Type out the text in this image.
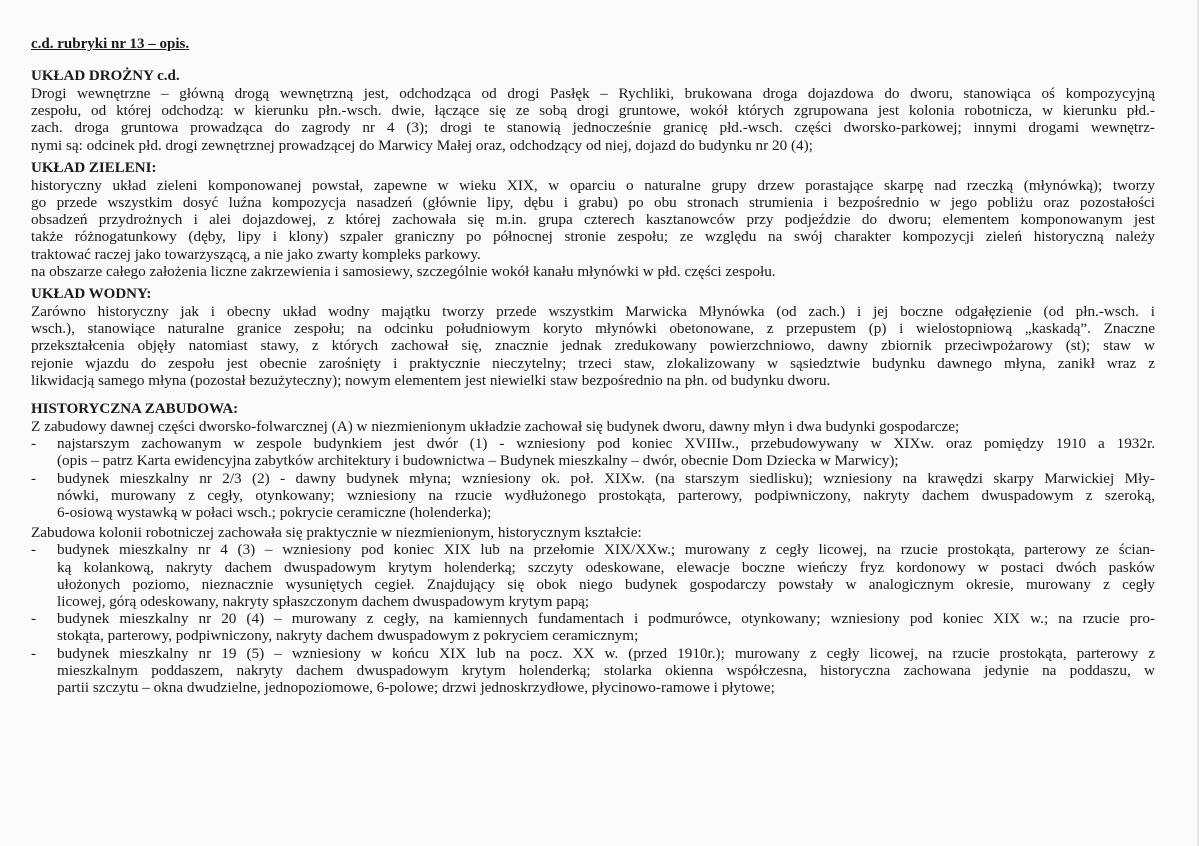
c.d. rubryki nr 13 – opis.
UKŁAD DROŻNY c.d.
Drogi wewnętrzne – główną drogą wewnętrzną jest, odchodząca od drogi Pasłęk – Rychliki, brukowana droga dojazdowa do dworu, stanowiąca oś kompozycyjną
zespołu, od której odchodzą: w kierunku płn.-wsch. dwie, łączące się ze sobą drogi gruntowe, wokół których zgrupowana jest kolonia robotnicza, w kierunku płd.-
zach. droga gruntowa prowadząca do zagrody nr 4 (3); drogi te stanowią jednocześnie granicę płd.-wsch. części dworsko-parkowej; innymi drogami wewnętrz-
nymi są: odcinek płd. drogi zewnętrznej prowadzącej do Marwicy Małej oraz, odchodzący od niej, dojazd do budynku nr 20 (4);
UKŁAD ZIELENI:
historyczny układ zieleni komponowanej powstał, zapewne w wieku XIX, w oparciu o naturalne grupy drzew porastające skarpę nad rzeczką (młynówką); tworzy
go przede wszystkim dosyć luźna kompozycja nasadzeń (głównie lipy, dębu i grabu) po obu stronach strumienia i bezpośrednio w jego pobliżu oraz pozostałości
obsadzeń przydrożnych i alei dojazdowej, z której zachowała się m.in. grupa czterech kasztanowców przy podjeździe do dworu; elementem komponowanym jest
także różnogatunkowy (dęby, lipy i klony) szpaler graniczny po północnej stronie zespołu; ze względu na swój charakter kompozycji zieleń historyczną należy
traktować raczej jako towarzyszącą, a nie jako zwarty kompleks parkowy.
na obszarze całego założenia liczne zakrzewienia i samosiewy, szczególnie wokół kanału młynówki w płd. części zespołu.
UKŁAD WODNY:
Zarówno historyczny jak i obecny układ wodny majątku tworzy przede wszystkim Marwicka Młynówka (od zach.) i jej boczne odgałęzienie (od płn.-wsch. i
wsch.), stanowiące naturalne granice zespołu; na odcinku południowym koryto młynówki obetonowane, z przepustem (p) i wielostopniową „kaskadą”. Znaczne
przekształcenia objęły natomiast stawy, z których zachował się, znacznie jednak zredukowany powierzchniowo, dawny zbiornik przeciwpożarowy (st); staw w
rejonie wjazdu do zespołu jest obecnie zarośnięty i praktycznie nieczytelny; trzeci staw, zlokalizowany w sąsiedztwie budynku dawnego młyna, zanikł wraz z
likwidacją samego młyna (pozostał bezużyteczny); nowym elementem jest niewielki staw bezpośrednio na płn. od budynku dworu.
HISTORYCZNA ZABUDOWA:
Z zabudowy dawnej części dworsko-folwarcznej (A) w niezmienionym układzie zachował się budynek dworu, dawny młyn i dwa budynki gospodarcze;
-	najstarszym zachowanym w zespole budynkiem jest dwór (1) - wzniesiony pod koniec XVIIIw., przebudowywany w XIXw. oraz pomiędzy 1910 a 1932r.
(opis – patrz Karta ewidencyjna zabytków architektury i budownictwa – Budynek mieszkalny – dwór, obecnie Dom Dziecka w Marwicy);
-	budynek mieszkalny nr 2/3 (2) - dawny budynek młyna; wzniesiony ok. poł. XIXw. (na starszym siedlisku); wzniesiony na krawędzi skarpy Marwickiej Mły-
nówki, murowany z cegły, otynkowany; wzniesiony na rzucie wydłużonego prostokąta, parterowy, podpiwniczony, nakryty dachem dwuspadowym z szeroką,
6-osiową wystawką w połaci wsch.; pokrycie ceramiczne (holenderka);
Zabudowa kolonii robotniczej zachowała się praktycznie w niezmienionym, historycznym kształcie:
-	budynek mieszkalny nr 4 (3) – wzniesiony pod koniec XIX lub na przełomie XIX/XXw.; murowany z cegły licowej, na rzucie prostokąta, parterowy ze ścian-
ką kolankową, nakryty dachem dwuspadowym krytym holenderką; szczyty odeskowane, elewacje boczne wieńczy fryz kordonowy w postaci dwóch pasków
ułożonych poziomo, nieznacznie wysuniętych cegieł. Znajdujący się obok niego budynek gospodarczy powstały w analogicznym okresie, murowany z cegły
licowej, górą odeskowany, nakryty spłaszczonym dachem dwuspadowym krytym papą;
-	budynek mieszkalny nr 20 (4) – murowany z cegły, na kamiennych fundamentach i podmurówce, otynkowany; wzniesiony pod koniec XIX w.; na rzucie pro-
stokąta, parterowy, podpiwniczony, nakryty dachem dwuspadowym z pokryciem ceramicznym;
-	budynek mieszkalny nr 19 (5) – wzniesiony w końcu XIX lub na pocz. XX w. (przed 1910r.); murowany z cegły licowej, na rzucie prostokąta, parterowy z
mieszkalnym poddaszem, nakryty dachem dwuspadowym krytym holenderką; stolarka okienna współczesna, historyczna zachowana jedynie na poddaszu, w
partii szczytu – okna dwudzielne, jednopoziomowe, 6-polowe; drzwi jednoskrzydłowe, płycinowo-ramowe i płytowe;
